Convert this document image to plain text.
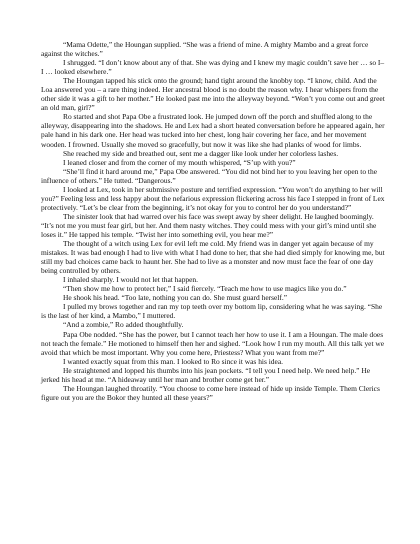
“Mama Odette,” the Houngan supplied. “She was a friend of mine. A mighty Mambo and a great force against the witches.”

I shrugged. “I don’t know about any of that. She was dying and I knew my magic couldn’t save her … so I– I … looked elsewhere.”

The Houngan tapped his stick onto the ground; hand tight around the knobby top. “I know, child. And the Loa answered you – a rare thing indeed. Her ancestral blood is no doubt the reason why. I hear whispers from the other side it was a gift to her mother.” He looked past me into the alleyway beyond. “Won’t you come out and greet an old man, girl?”

Ro started and shot Papa Obe a frustrated look. He jumped down off the porch and shuffled along to the alleyway, disappearing into the shadows. He and Lex had a short heated conversation before he appeared again, her pale hand in his dark one. Her head was tucked into her chest, long hair covering her face, and her movement wooden. I frowned. Usually she moved so gracefully, but now it was like she had planks of wood for limbs.

She reached my side and breathed out, sent me a dagger like look under her colorless lashes.

I leaned closer and from the corner of my mouth whispered, “S’up with you?”

“She’ll find it hard around me,” Papa Obe answered. “You did not bind her to you leaving her open to the influence of others.” He tutted. “Dangerous.”

I looked at Lex, took in her submissive posture and terrified expression. “You won’t do anything to her will you?” Feeling less and less happy about the nefarious expression flickering across his face I stepped in front of Lex protectively. “Let’s be clear from the beginning, it’s not okay for you to control her do you understand?”

The sinister look that had warred over his face was swept away by sheer delight. He laughed boomingly. “It’s not me you must fear girl, but her. And them nasty witches. They could mess with your girl’s mind until she loses it.” He tapped his temple. “Twist her into something evil, you hear me?”

The thought of a witch using Lex for evil left me cold. My friend was in danger yet again because of my mistakes. It was bad enough I had to live with what I had done to her, that she had died simply for knowing me, but still my bad choices came back to haunt her. She had to live as a monster and now must face the fear of one day being controlled by others.

I inhaled sharply. I would not let that happen.

“Then show me how to protect her,” I said fiercely. “Teach me how to use magics like you do.”

He shook his head. “Too late, nothing you can do. She must guard herself.”

I pulled my brows together and ran my top teeth over my bottom lip, considering what he was saying. “She is the last of her kind, a Mambo,” I muttered.

“And a zombie,” Ro added thoughtfully.

Papa Obe nodded. “She has the power, but I cannot teach her how to use it. I am a Houngan. The male does not teach the female.” He motioned to himself then her and sighed. “Look how I run my mouth. All this talk yet we avoid that which be most important. Why you come here, Priestess? What you want from me?”

I wanted exactly squat from this man. I looked to Ro since it was his idea.

He straightened and lopped his thumbs into his jean pockets. “I tell you I need help. We need help.” He jerked his head at me. “A hideaway until her man and brother come get her.”

The Houngan laughed throatily. “You choose to come here instead of hide up inside Temple. Them Clerics figure out you are the Bokor they hunted all these years?”
